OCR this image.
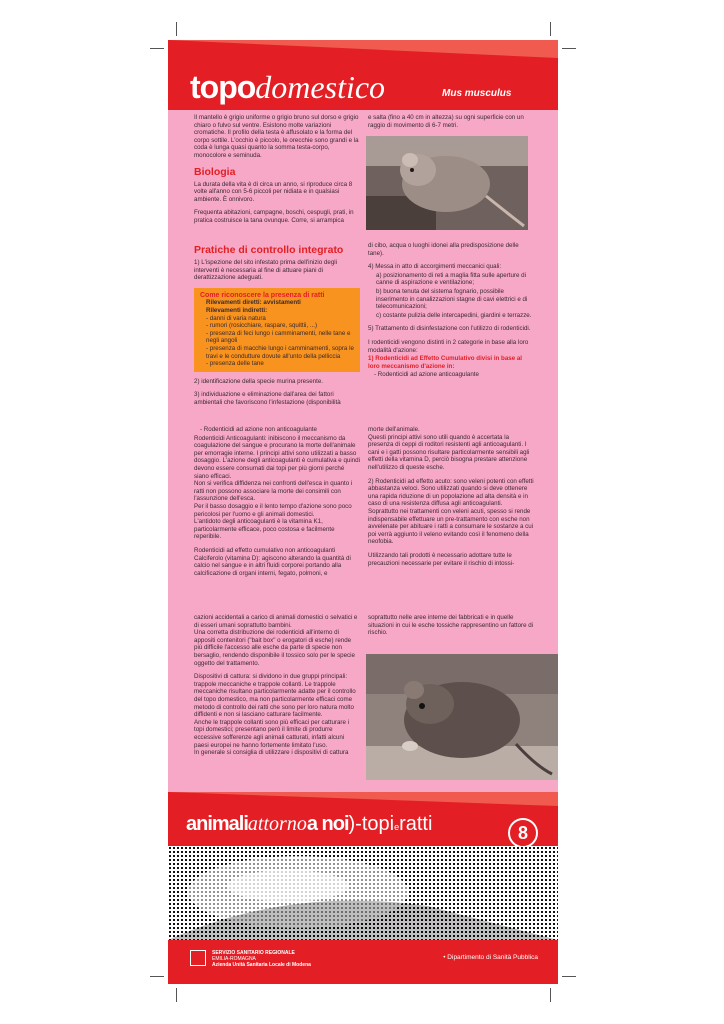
topodomestico	Mus musculus

Il mantello è grigio uniforme o grigio bruno sul dorso e grigio chiaro o fulvo sul ventre. Esistono molte variazioni cromatiche. Il profilo della testa è affusolato e la forma del corpo sottile. L'occhio è piccolo, le orecchie sono grandi e la coda è lunga quasi quanto la somma testa-corpo, monocolore e seminuda.

Biologia

La durata della vita è di circa un anno, si riproduce circa 8 volte all'anno con 5-6 piccoli per nidiata e in qualsiasi ambiente. È onnivoro.

Frequenta abitazioni, campagne, boschi, cespugli, prati, in pratica costruisce la tana ovunque. Corre, si arrampica

e salta (fino a 40 cm in altezza) su ogni superficie con un raggio di movimento di 6-7 metri.

Pratiche di controllo integrato

1) L'ispezione del sito infestato prima dell'inizio degli interventi è necessaria al fine di attuare piani di derattizzazione adeguati.

Come riconoscere la presenza di ratti
Rilevamenti diretti: avvistamenti
Rilevamenti indiretti:
- danni di varia natura
- rumori (rosicchiare, raspare, squittii, ...)
- presenza di feci lungo i camminamenti, nelle tane e negli angoli
- presenza di macchie lungo i camminamenti, sopra le travi e le condutture dovute all'unto della pelliccia
- presenza delle tane

2) identificazione della specie murina presente.

3) individuazione e eliminazione dall'area dei fattori ambientali che favoriscono l'infestazione (disponibilità

di cibo, acqua o luoghi idonei alla predisposizione delle tane).

4) Messa in atto di accorgimenti meccanici quali:

a) posizionamento di reti a maglia fitta sulle aperture di canne di aspirazione e ventilazione;

b) buona tenuta del sistema fognario, possibile inserimento in canalizzazioni stagne di cavi elettrici e di telecomunicazioni;

c) costante pulizia delle intercapedini, giardini e terrazze.

5) Trattamento di disinfestazione con l'utilizzo di rodenticidi.

I rodenticidi vengono distinti in 2 categorie in base alla loro modalità d'azione:

1) Rodenticidi ad Effetto Cumulativo divisi in base al loro meccanismo d'azione in:

- Rodenticidi ad azione anticoagulante

- Rodenticidi ad azione non anticoagulante

Rodenticidi Anticoagulanti: inibiscono il meccanismo da coagulazione del sangue e procurano la morte dell'animale per emorragie interne. I principi attivi sono utilizzati a basso dosaggio. L'azione degli anticoagulanti è cumulativa e quindi devono essere consumati dai topi per più giorni perché siano efficaci.

Non si verifica diffidenza nei confronti dell'esca in quanto i ratti non possono associare la morte dei consimili con l'assunzione dell'esca.

Per il basso dosaggio e il lento tempo d'azione sono poco pericolosi per l'uomo e gli animali domestici.

L'antidoto degli anticoagulanti è la vitamina K1, particolarmente efficace, poco costosa e facilmente reperibile.

Rodenticidi ad effetto cumulativo non anticoagulanti Calciferolo (vitamina D): agiscono alterando la quantità di calcio nel sangue e in altri fluidi corporei portando alla calcificazione di organi interni, fegato, polmoni, e

morte dell'animale.

Questi principi attivi sono utili quando è accertata la presenza di ceppi di roditori resistenti agli anticoagulanti. I cani e i gatti possono risultare particolarmente sensibili agli effetti della vitamina D, perciò bisogna prestare attenzione nell'utilizzo di queste esche.

2) Rodenticidi ad effetto acuto: sono veleni potenti con effetti abbastanza veloci. Sono utilizzati quando si deve ottenere una rapida riduzione di un popolazione ad alta densità e in caso di una resistenza diffusa agli anticoagulanti.

Soprattutto nei trattamenti con veleni acuti, spesso si rende indispensabile effettuare un pre-trattamento con esche non avvelenate per abituare i ratti a consumare le sostanze a cui poi verrà aggiunto il veleno evitando così il fenomeno della neofobia.

Utilizzando tali prodotti è necessario adottare tutte le precauzioni necessarie per evitare il rischio di intossi-

cazioni accidentali a carico di animali domestici o selvatici e di esseri umani soprattutto bambini.

Una corretta distribuzione dei rodenticidi all'interno di appositi contenitori ("bait box" o erogatori di esche) rende più difficile l'accesso alle esche da parte di specie non bersaglio, rendendo disponibile il tossico solo per le specie oggetto del trattamento.

Dispositivi di cattura: si dividono in due gruppi principali: trappole meccaniche e trappole collanti. Le trappole meccaniche risultano particolarmente adatte per il controllo del topo domestico, ma non particolarmente efficaci come metodo di controllo dei ratti che sono per loro natura molto diffidenti e non si lasciano catturare facilmente.

Anche le trappole collanti sono più efficaci per catturare i topi domestici; presentano però il limite di produrre eccessive sofferenze agli animali catturati, infatti alcuni paesi europei ne hanno fortemente limitato l'uso.

In generale si consiglia di utilizzare i dispositivi di cattura

soprattutto nelle aree interne dei fabbricati e in quelle situazioni in cui le esche tossiche rappresentino un fattore di rischio.

animaliattornoa noi)-topieratti	8
SERVIZIO SANITARIO REGIONALE
EMILIA-ROMAGNA
Azienda Unità Sanitaria Locale di Modena
• Dipartimento di Sanità Pubblica
